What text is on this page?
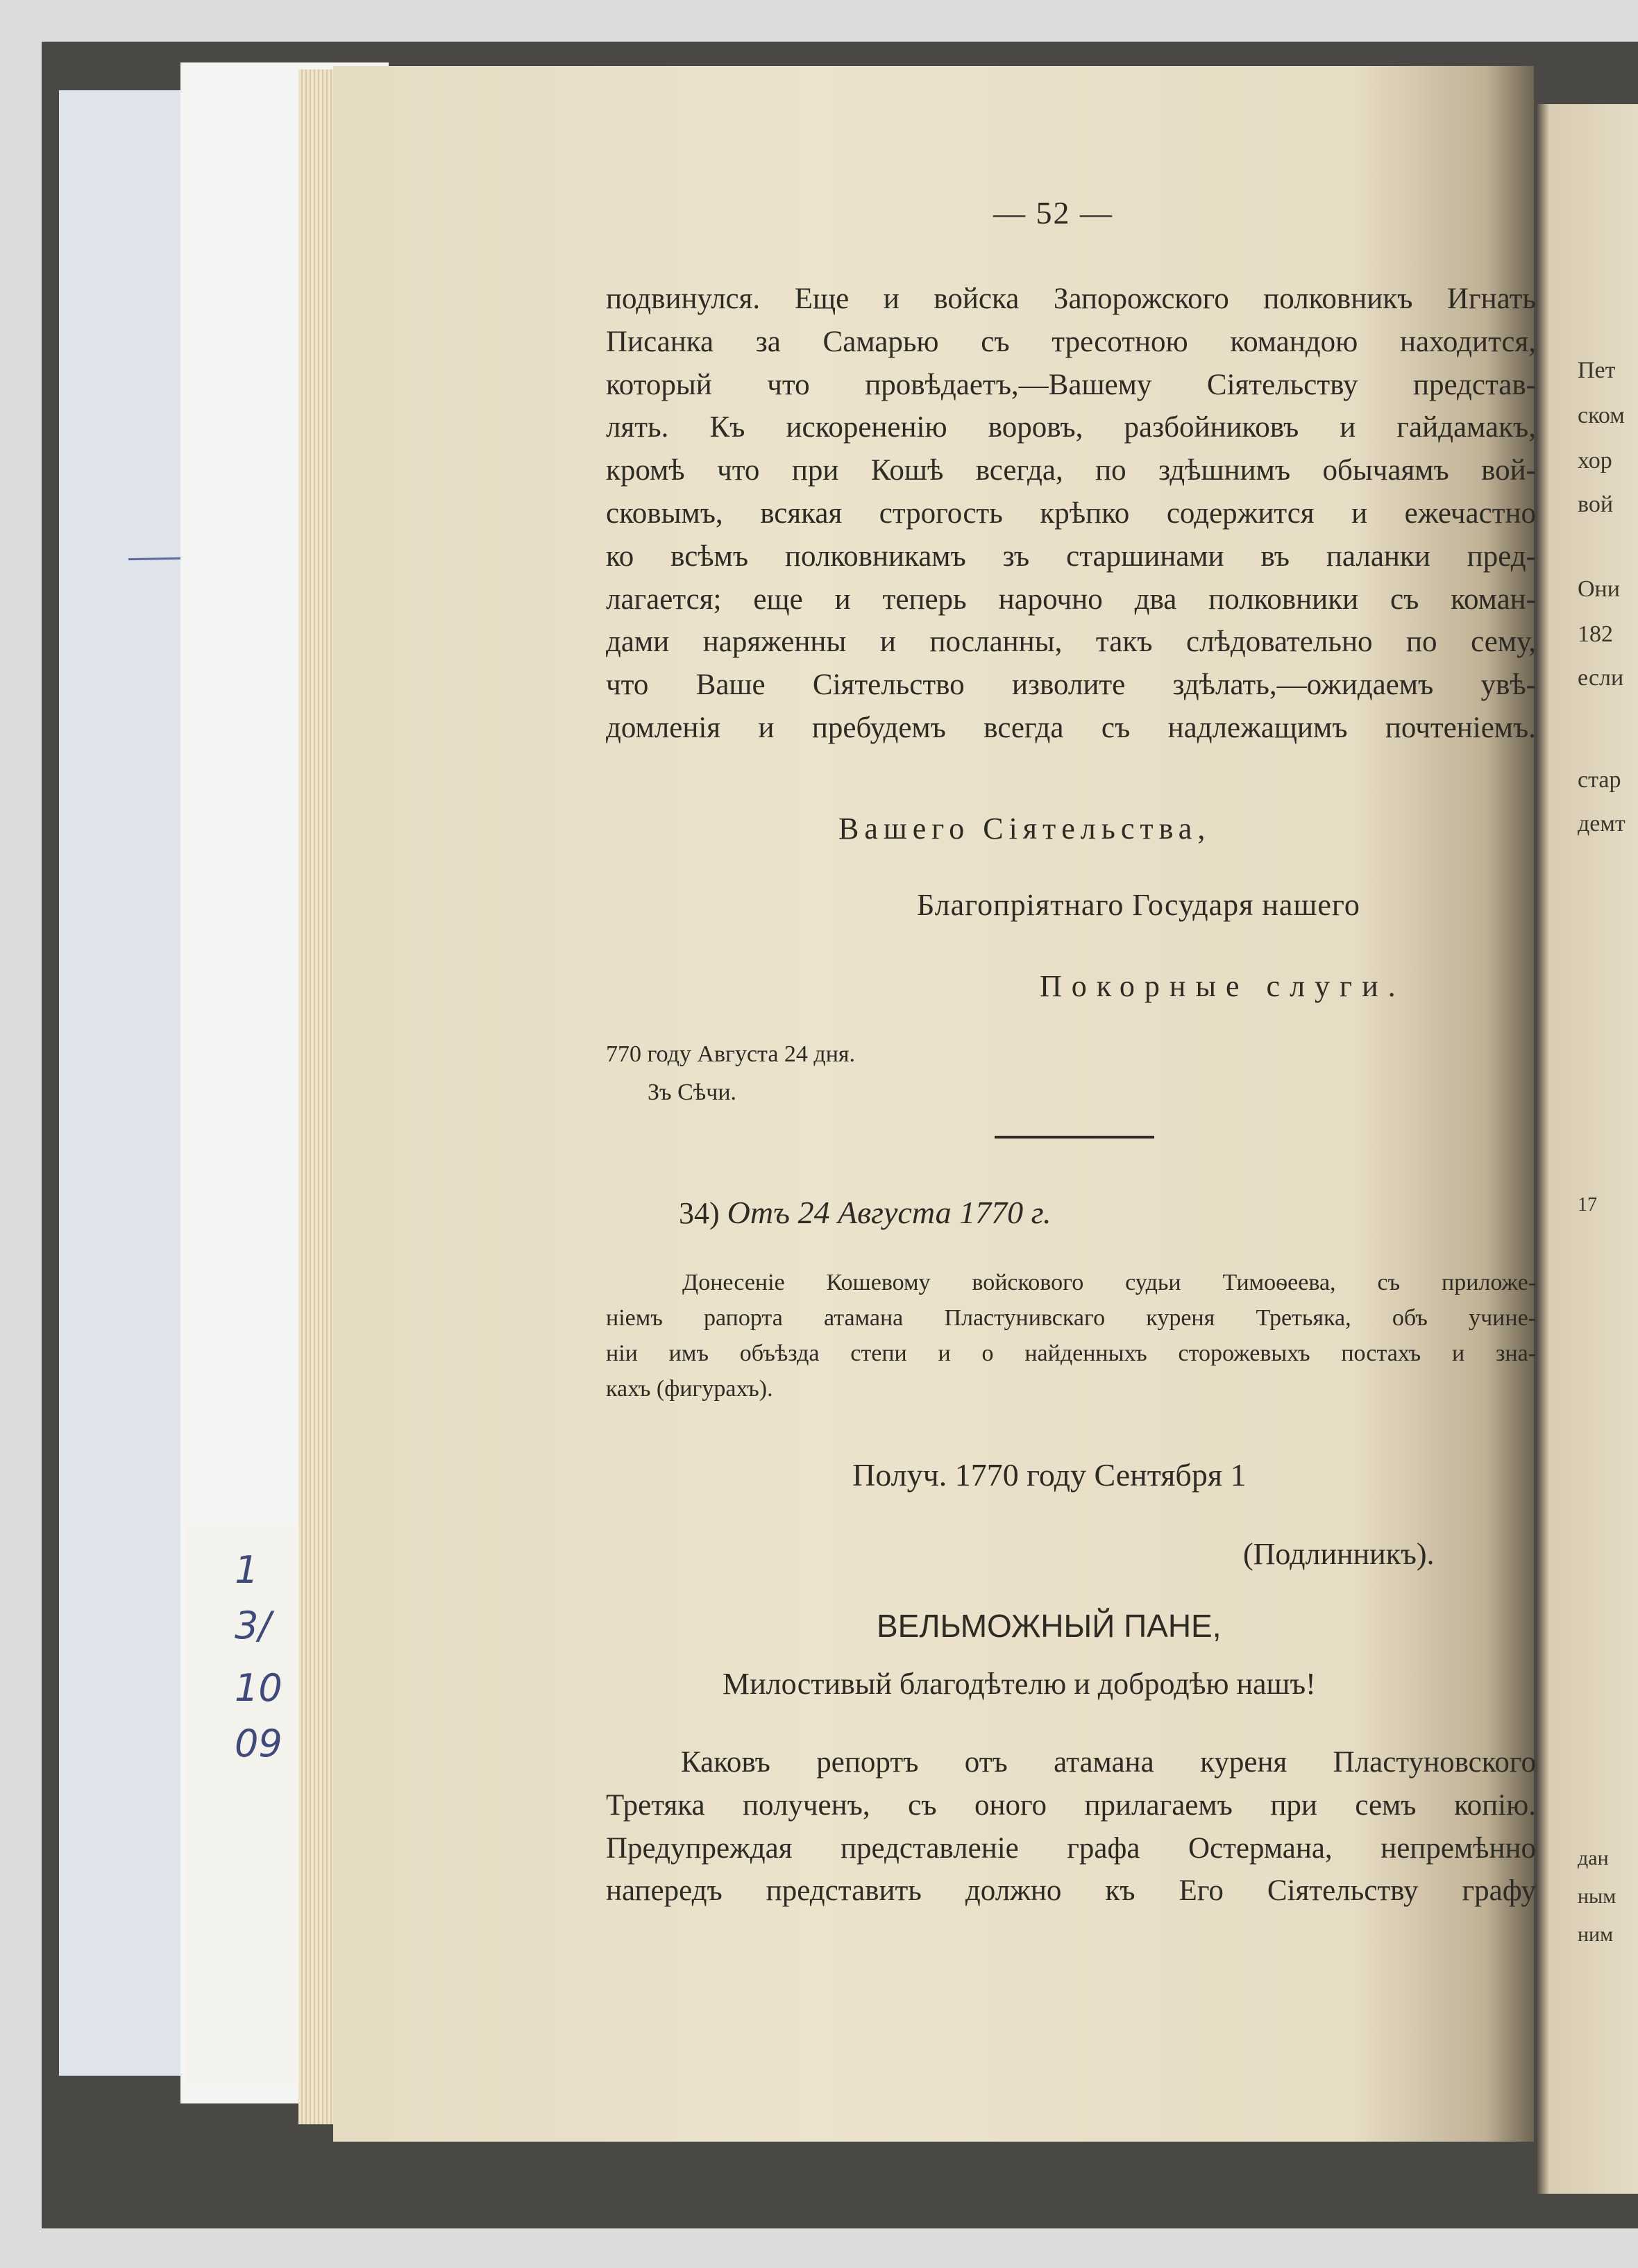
1
3/
10
09
Пет
ском
хор
вой
Они
182
если
стар
демт
17
дан
ным
ним
— 52 —
подвинулся. Еще и войска Запорожского полковникъ Игнать
Писанка за Самарью съ тресотною командою находится,
который что провѣдаетъ,—Вашему Сіятельству представ-
лять. Къ искорененію воровъ, разбойниковъ и гайдамакъ,
кромѣ что при Кошѣ всегда, по здѣшнимъ обычаямъ вой-
сковымъ, всякая строгость крѣпко содержится и ежечастно
ко всѣмъ полковникамъ зъ старшинами въ паланки пред-
лагается; еще и теперь нарочно два полковники съ коман-
дами наряженны и посланны, такъ слѣдовательно по сему,
что Ваше Сіятельство изволите здѣлать,—ожидаемъ увѣ-
домленія и пребудемъ всегда съ надлежащимъ почтеніемъ.
Вашего Сіятельства,
Благопріятнаго Государя нашего
Покорные слуги.
770 году Августа 24 дня.
Зъ Сѣчи.
34) Отъ 24 Августа 1770 г.
Донесеніе Кошевому войскового судьи Тимоѳеева, съ приложе-
ніемъ рапорта атамана Пластунивскаго куреня Третьяка, объ учине-
ніи имъ объѣзда степи и о найденныхъ сторожевыхъ постахъ и зна-
кахъ (фигурахъ).
Получ. 1770 году Сентября 1
(Подлинникъ).
ВЕЛЬМОЖНЫЙ ПАНЕ,
Милостивый благодѣтелю и добродѣю нашъ!
Каковъ репортъ отъ атамана куреня Пластуновского
Третяка полученъ, съ оного прилагаемъ при семъ копію.
Предупреждая представленіе графа Остермана, непремѣнно
напередъ представить должно къ Его Сіятельству графу
